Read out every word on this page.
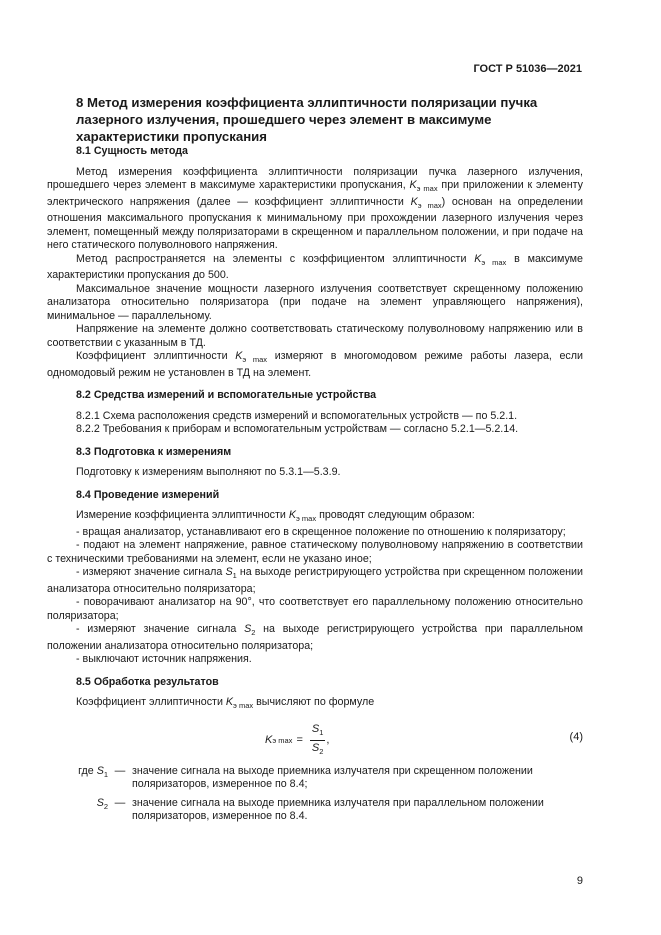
ГОСТ Р 51036—2021
8 Метод измерения коэффициента эллиптичности поляризации пучка лазерного излучения, прошедшего через элемент в максимуме характеристики пропускания

8.1 Сущность метода

Метод измерения коэффициента эллиптичности поляризации пучка лазерного излучения, прошедшего через элемент в максимуме характеристики пропускания, $K_{э max}$ при приложении к элементу электрического напряжения (далее — коэффициент эллиптичности $K_{э max}$) основан на определении отношения максимального пропускания к минимальному при прохождении лазерного излучения через элемент, помещенный между поляризаторами в скрещенном и параллельном положении, и при подаче на него статического полуволнового напряжения.

Метод распространяется на элементы с коэффициентом эллиптичности $K_{э max}$ в максимуме характеристики пропускания до 500.

Максимальное значение мощности лазерного излучения соответствует скрещенному положению анализатора относительно поляризатора (при подаче на элемент управляющего напряжения), минимальное — параллельному.

Напряжение на элементе должно соответствовать статическому полуволновому напряжению или в соответствии с указанным в ТД.

Коэффициент эллиптичности $K_{э max}$ измеряют в многомодовом режиме работы лазера, если одномодовый режим не установлен в ТД на элемент.

8.2 Средства измерений и вспомогательные устройства

8.2.1 Схема расположения средств измерений и вспомогательных устройств — по 5.2.1.

8.2.2 Требования к приборам и вспомогательным устройствам — согласно 5.2.1—5.2.14.

8.3 Подготовка к измерениям

Подготовку к измерениям выполняют по 5.3.1—5.3.9.

8.4 Проведение измерений

Измерение коэффициента эллиптичности $K_{э max}$ проводят следующим образом:

- вращая анализатор, устанавливают его в скрещенное положение по отношению к поляризатору;

- подают на элемент напряжение, равное статическому полуволновому напряжению в соответствии с техническими требованиями на элемент, если не указано иное;

- измеряют значение сигнала $S_1$ на выходе регистрирующего устройства при скрещенном положении анализатора относительно поляризатора;

- поворачивают анализатор на 90°, что соответствует его параллельному положению относительно поляризатора;

- измеряют значение сигнала $S_2$ на выходе регистрирующего устройства при параллельном положении анализатора относительно поляризатора;

- выключают источник напряжения.

8.5 Обработка результатов

Коэффициент эллиптичности $K_{э max}$ вычисляют по формуле

K э $\max = \frac{S_1}{S_2}$ ,	(4)
где $S_1$ — значение сигнала на выходе приемника излучателя при скрещенном положении поляризаторов, измеренное по 8.4;
$S_2$ — значение сигнала на выходе приемника излучателя при параллельном положении поляризаторов, измеренное по 8.4.
9
